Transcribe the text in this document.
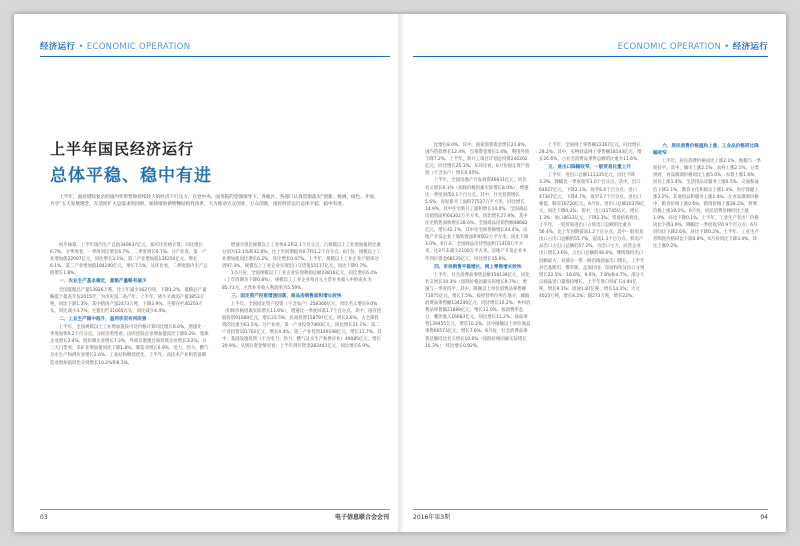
经济运行 • ECONOMIC OPERATION
上半年国民经济运行
总体平稳、稳中有进

上半年，面对错综复杂的国内外形势和持续较大的经济下行压力，在党中央、国务院的坚强领导下，各地区、各部门认真贯彻落实“创新、协调、绿色、开放、共享”五大发展理念，在适度扩大总需求的同时，加快推进供给侧结构性改革，大力推动大众创业、万众创新，国民经济运行总体平稳、稳中有进。

初步核算，上半年国内生产总值340637亿元，按可比价格计算，同比增长6.7%，分季度看，一季度同比增长6.7%，二季度增长6.7%。分产业看，第一产业增加值22097亿元，同比增长3.1%；第二产业增加值134250亿元，增长6.1%；第三产业增加值184290亿元，增长7.5%。从环比看，二季度国内生产总值增长1.8%。

一、农业生产基本稳定，夏粮产量略有减少

全国夏粮总产量13926万吨，比上年减少162万吨，下降1.2%。夏粮总产量略低于最高年份2015年，为历史第二高产年。上半年，猪牛羊禽肉产量3853万吨，同比下降1.3%，其中猪肉产量2473万吨，下降3.9%。生猪存栏40203万头，同比减少3.7%；生猪出栏31665万头，同比减少4.4%。

二、工业生产稳中趋升，盈利状况有所改善

上半年，全国规模以上工业增加值按可比价格计算同比增长6.0%，增速比一季度加快0.2个百分点。分经济类型看，国有控股企业增加值同比下降0.2%，集体企业增长2.4%，股份制企业增长7.3%，外商及港澳台商投资企业增长3.2%。分三大门类看，采矿业增加值同比下降1.8%，制造业增长6.9%，电力、热力、燃气及水生产和供应业增长2.6%。工业结构继续优化，上半年，高技术产业和装备制造业增加值同比分别增长10.2%和8.1%。

增速分别比规模以上工业快4.2和2.1个百分点，占规模以上工业增加值的比重分别为12.1%和32.6%，比上年同期提高0.7和1.2个百分点。6月份，规模以上工业增加值同比增长6.2%，环比增长0.47%。上半年，规模以上工业企业产销率达到97.3%。规模以上工业企业实现出口交货值55117亿元，同比下降0.7%。

1-5月份，全国规模以上工业企业实现利润总额23816亿元，同比增长6.4%（上年同期为下降0.8%）。规模以上工业企业每百元主营业务收入中的成本为85.73元，主营业务收入利润率为5.59%。

三、固定资产投资增速回落，商品房销售面积增长较快

上半年，全国固定资产投资（不含农户）258360亿元，同比名义增长9.0%（扣除价格因素实际增长11.0%），增速比一季度回落1.7个百分点。其中，国有控股投资91089亿元，增长23.5%；民间投资158797亿元，增长2.8%，占全部投资的比重为61.5%。分产业看，第一产业投资7460亿元，同比增长21.1%；第二产业投资101702亿元，增长4.4%；第三产业投资149198亿元，增长11.7%。其中，基础设施投资（不含电力、热力、燃气及水生产和供应业）49085亿元，增长20.9%。从到位资金情况看，上半年到位资金282443亿元，同比增长6.9%。

03	电子信息联合会会刊
ECONOMIC OPERATION • 经济运行

比增长8.0%。其中，国家预算资金增长21.8%，国内贷款增长12.4%，自筹资金增长1.4%，利用外资下降7.2%。上半年，新开工项目计划总投资240202亿元，同比增长25.1%。从环比看，6月份固定资产投资（不含农户）增长0.45%。

上半年，全国房地产开发投资46631亿元，同比名义增长6.1%（扣除价格因素实际增长8.0%），增速比一季度回落0.1个百分点。其中，住宅投资增长5.6%。房屋新开工面积77537万平方米，同比增长14.9%。其中住宅新开工面积增长14.0%。全国商品房销售面积64302万平方米，同比增长27.9%，其中住宅销售面积增长28.6%。全国商品房销售额48682亿元，增长42.1%，其中住宅销售额增长44.4%。房地产开发企业土地购置面积9502万平方米，同比下降3.0%。6月末，全国商品房待售面积71416万平方米，比3月末减少2100万平方米。房地产开发企业本年到位资金68135亿元，同比增长15.6%。

四、市场销售平稳增长，网上零售增长较快

上半年，社会消费品零售总额156138亿元，同比名义增长10.3%（扣除价格因素实际增长9.7%），增速与一季度持平。其中，限额以上单位消费品零售额71075亿元，增长7.5%。按经营单位所在地分，城镇消费品零售额134249亿元，同比增长10.2%；乡村消费品零售额21889亿元，增长11.0%。按消费形态分，餐饮收入16683亿元，同比增长11.2%；商品零售139455亿元，增长10.2%。其中限额以上单位商品零售66573亿元，增长7.6%。6月份，社会消费品零售总额同比名义增长10.6%（扣除价格因素实际增长10.3%），环比增长0.92%。

上半年，全国网上零售额22367亿元，同比增长28.2%。其中，实物商品网上零售额18143亿元，增长26.6%，占社会消费品零售总额的比重为11.6%。

五、进出口降幅收窄，一般贸易比重上升

上半年，进出口总额111335亿元，同比下降3.3%，降幅比一季度收窄3.0个百分点。其中，出口64027亿元，下降2.1%，收窄6.6个百分点；进口47307亿元，下降4.7%，收窄3.7个百分点。进出口相抵，顺差16720亿元。6月份，进出口总额20378亿元，同比下降0.3%；其中，出口11745亿元，增长1.3%；进口8633亿元，下降2.3%。贸易结构优化，上半年，一般贸易进出口占进出口总额的比重为56.4%，比上年同期提高1.2个百分点。其中一般贸易出口占出口总额的55.7%，提高1.3个百分点。机电产品出口占出口总额的57.2%。为出口主力，民营企业出口增长3.6%，占出口总额的46.6%。继续保持出口份额最大，对部分一带一路沿线国家出口增长。上半年对巴基斯坦、俄罗斯、孟加拉国、印度和埃及出口分别增长22.5%、16.6%、9.0%、7.8%和4.7%。部分大宗商品进口量保持增长，上半年进口铁矿石4.94亿吨，增长9.1%；原油1.87亿吨，增长14.2%；大豆4025万吨，增长8.2%；铜273万吨，增长22%。

六、居民消费价格温和上涨，工业品价格同比降幅收窄

上半年，居民消费价格同比上涨2.1%，涨幅与一季度持平。其中，城市上涨2.1%，农村上涨2.1%。分类别看，食品烟酒价格同比上涨5.0%，衣着上涨1.6%，居住上涨1.4%，生活用品及服务上涨0.5%，交通和通信下降2.1%，教育文化和娱乐上涨1.3%，医疗保健上涨3.2%，其他用品和服务上涨1.4%。在食品烟酒价格中，粮食价格上涨0.6%，猪肉价格上涨28.2%，鲜菜价格上涨18.2%。6月份，居民消费价格同比上涨1.9%，环比下降0.1%。上半年，工业生产者出厂价格同比下降3.9%，降幅比一季度收窄0.9个百分点；6月份同比下降2.6%，环比下降0.2%。上半年，工业生产者购进价格同比下降4.8%，6月份同比下降3.4%，环比上涨0.2%。

2016年第3期	04
